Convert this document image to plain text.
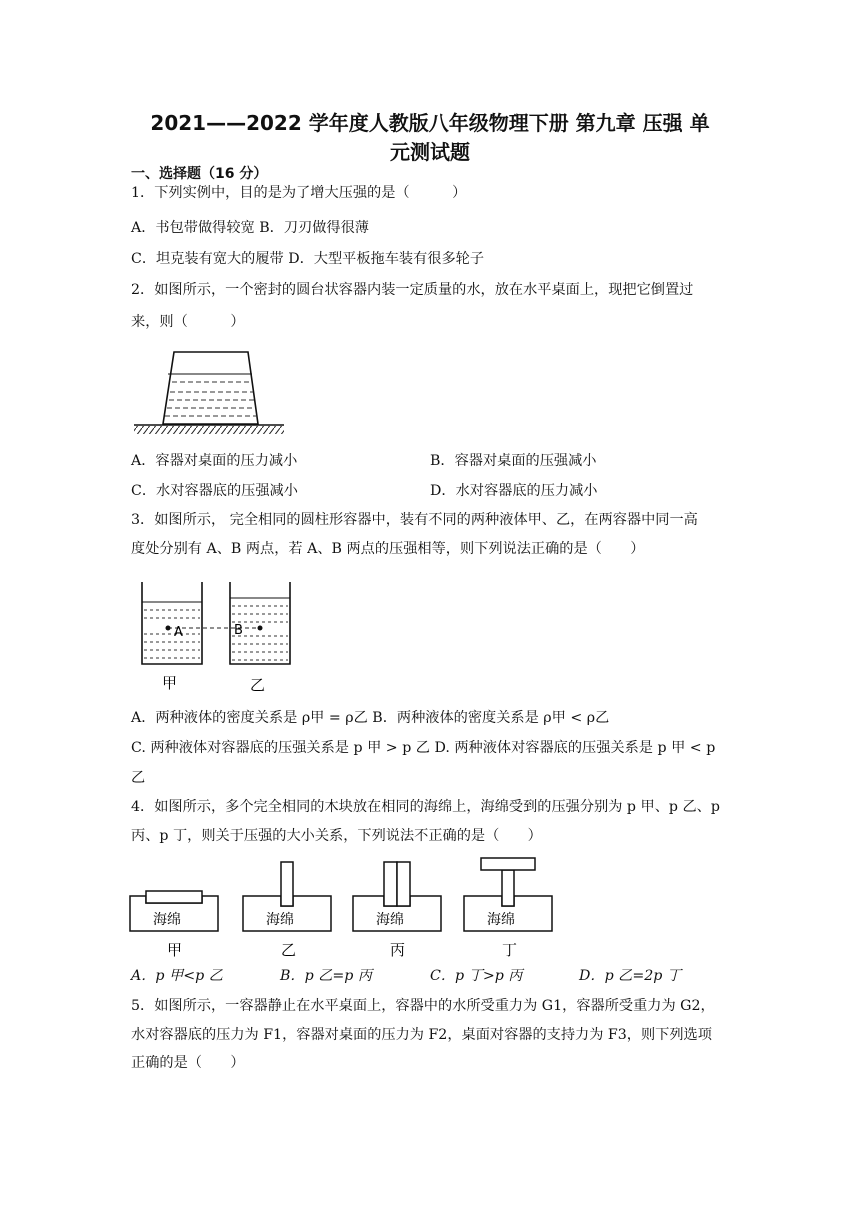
2021——2022 学年度人教版八年级物理下册 第九章 压强 单
元测试题
一、选择题（16 分）
1．下列实例中，目的是为了增大压强的是（　　　）
A．书包带做得较宽 B．刀刃做得很薄
C．坦克装有宽大的履带 D．大型平板拖车装有很多轮子
2．如图所示，一个密封的圆台状容器内装一定质量的水，放在水平桌面上，现把它倒置过
来，则（　　　）
A．容器对桌面的压力减小	B．容器对桌面的压强减小
C．水对容器底的压强减小	D．水对容器底的压力减小
3．如图所示， 完全相同的圆柱形容器中，装有不同的两种液体甲、乙，在两容器中同一高
度处分别有 A、B 两点，若 A、B 两点的压强相等，则下列说法正确的是（　　）
A	B
甲	乙
A．两种液体的密度关系是 ρ甲 = ρ乙 B．两种液体的密度关系是 ρ甲 < ρ乙
C. 两种液体对容器底的压强关系是 p 甲 > p 乙 D. 两种液体对容器底的压强关系是 p 甲 < p
乙
4．如图所示，多个完全相同的木块放在相同的海绵上，海绵受到的压强分别为 p 甲、p 乙、p
丙、p 丁，则关于压强的大小关系，下列说法不正确的是（　　）
海绵
甲
海绵
乙
海绵
丙
海绵
丁
A．p 甲<p 乙	B．p 乙=p 丙	C．p 丁>p 丙	D．p 乙=2p 丁
5．如图所示，一容器静止在水平桌面上，容器中的水所受重力为 G1，容器所受重力为 G2，
水对容器底的压力为 F1，容器对桌面的压力为 F2，桌面对容器的支持力为 F3，则下列选项
正确的是（　　）
